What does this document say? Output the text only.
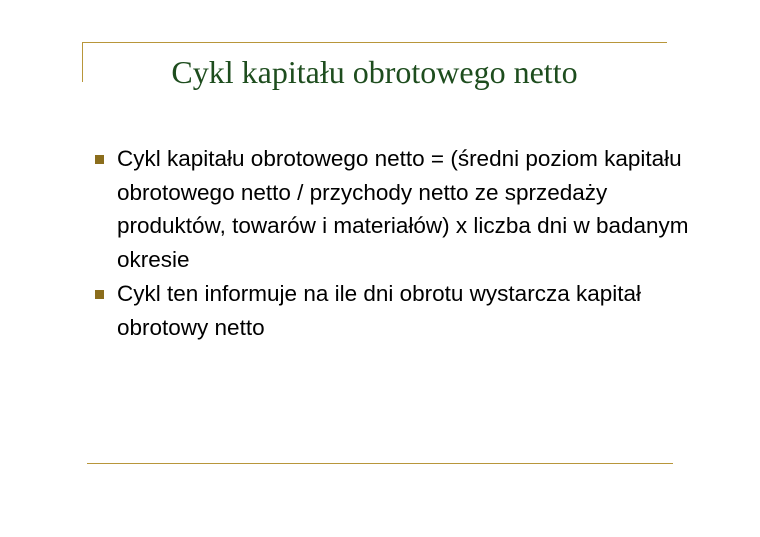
Cykl kapitału obrotowego netto
Cykl kapitału obrotowego netto = (średni poziom kapitału obrotowego netto / przychody netto ze sprzedaży produktów, towarów i materiałów) x liczba dni w badanym okresie
Cykl ten informuje na ile dni obrotu wystarcza kapitał obrotowy netto
